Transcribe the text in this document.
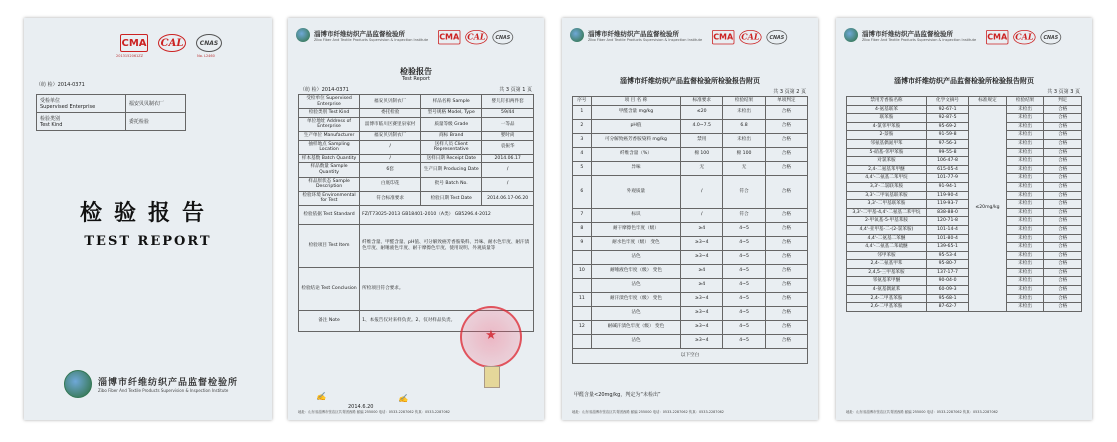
CMA CAL	CNAS
2013152061ZZ	No. L2460
（纺 检）2014-0371
受检单位
Supervised Enterprise	福安贝贝制衣厂
检验类别
Test Kind	委托检验
检验报告
TEST REPORT
淄博市纤维纺织产品监督检验所
Zibo Fiber And Textile Products Supervision & Inspection Institute
淄博市纤维纺织产品监督检验所
Zibo Fiber And Textile Products Supervision & Inspection Institute CMA CAL	CNAS
检验报告
Test Report
（纺 检）2014-0371	共 3 页第 1 页
受检单位 Supervised Enterprise	福安贝贝制衣厂	样品名称 Sample	婴儿钉扣两件套
检验类别 Test Kind	委托检验	型号规格 Model, Type	59/44
单位地址 Address of Enterprise	淄博市临川区赛里泉家村	质量等级 Grade	一等品
生产单位 Manufacturer	福安贝贝制衣厂	商标 Brand	婴时尚
抽样地点 Sampling Location	/	送样人员 Client Representative	袁振华
样本基数 Batch Quantity	/	送样日期 Receipt Date	2014.06.17
样品数量 Sample Quantity	6套	生产日期 Producing Date	/
样品原状态 Sample Description	白底印花	批号 Batch No.	/
检验环境 Environmental for Test	符合标准要求	检验日期 Test Date	2014.06.17-06.20
检验依据 Test Standard	FZ/T73025-2013 GB18401-2010（A类） GB5296.4-2012		
检验项目 Test Item	纤维含量、甲醛含量、pH值、可分解致癌芳香胺染料、异味、耐水色牢度、耐汗渍色牢度、耐唾液色牢度、耐干摩擦色牢度、使用说明、外观质量等		
检验结论 Test Conclusion	所检项目符合要求。		
备注 Note	1、本报告仅对来样负责。2、仅对样品负责。		
★
✍	✍
2014.6.20
地址：山东省淄博市张店区共青团西路 邮编 255000 电话：0533-2287062 传真：0533-2287062
淄博市纤维纺织产品监督检验所
Zibo Fiber And Textile Products Supervision & Inspection Institute CMA CAL	CNAS
淄博市纤维纺织产品监督检验所检验报告附页
共 3 页第 2 页
序号	项 目 名 称	标准要求	检验结果	单项判定
1	甲醛含量 mg/kg	≤20	未检出	合格
2	pH值	4.0~7.5	6.8	合格
3	可分解致癌芳香胺染料 mg/kg	禁用	未检出	合格
4	纤维含量（%）	棉 100	棉 100	合格
5	异味	无	无	合格
6	外观质量	/	符合	合格
7	标识	/	符合	合格
8	耐干摩擦色牢度（级）	≥4	4~5	合格
9	耐水色牢度（级） 变色	≥3~4	4~5	合格
	沾色	≥3~4	4~5	合格
10	耐唾液色牢度（级） 变色	≥4	4~5	合格
	沾色	≥4	4~5	合格
11	耐汗渍色牢度（级） 变色	≥3~4	4~5	合格
	沾色	≥3~4	4~5	合格
12	耐碱汗渍色牢度（级） 变色	≥3~4	4~5	合格
	沾色	≥3~4	4~5	合格
以下空白				
甲醛含量<20mg/kg，判定为“未检出”
地址：山东省淄博市张店区共青团西路 邮编 255000 电话：0533-2287062 传真：0533-2287062
淄博市纤维纺织产品监督检验所
Zibo Fiber And Textile Products Supervision & Inspection Institute CMA CAL	CNAS
淄博市纤维纺织产品监督检验所检验报告附页
共 3 页第 3 页
禁用芳香胺名称	化学文摘号	标准规定	检验结果	判定
4-氨基联苯	92-67-1	≤20mg/kg	未检出	合格
联苯胺	92-87-5		未检出	合格
4-氯邻甲苯胺	95-69-2		未检出	合格
2-萘胺	91-59-8		未检出	合格
邻氨基偶氮甲苯	97-56-3		未检出	合格
5-硝基-邻甲苯胺	99-55-8		未检出	合格
对氯苯胺	106-47-8		未检出	合格
2,4-二氨基苯甲醚	615-05-4		未检出	合格
4,4'-二氨基二苯甲烷	101-77-9		未检出	合格
3,3'-二氯联苯胺	91-94-1		未检出	合格
3,3'-二甲氧基联苯胺	119-90-4		未检出	合格
3,3'-二甲基联苯胺	119-93-7		未检出	合格
3,3'-二甲基-4,4'-二氨基二苯甲烷	838-88-0		未检出	合格
2-甲氧基-5-甲基苯胺	120-71-8		未检出	合格
4,4'-亚甲基-二-(2-氯苯胺)	101-14-4		未检出	合格
4,4'-二氨基二苯醚	101-80-4		未检出	合格
4,4'-二氨基二苯硫醚	139-65-1		未检出	合格
邻甲苯胺	95-53-4		未检出	合格
2,4-二氨基甲苯	95-80-7		未检出	合格
2,4,5-三甲基苯胺	137-17-7		未检出	合格
邻氨基苯甲醚	90-04-0		未检出	合格
4-氨基偶氮苯	60-09-3		未检出	合格
2,4-二甲基苯胺	95-68-1		未检出	合格
2,6-二甲基苯胺	87-62-7		未检出	合格
地址：山东省淄博市张店区共青团西路 邮编 255000 电话：0533-2287062 传真：0533-2287062
